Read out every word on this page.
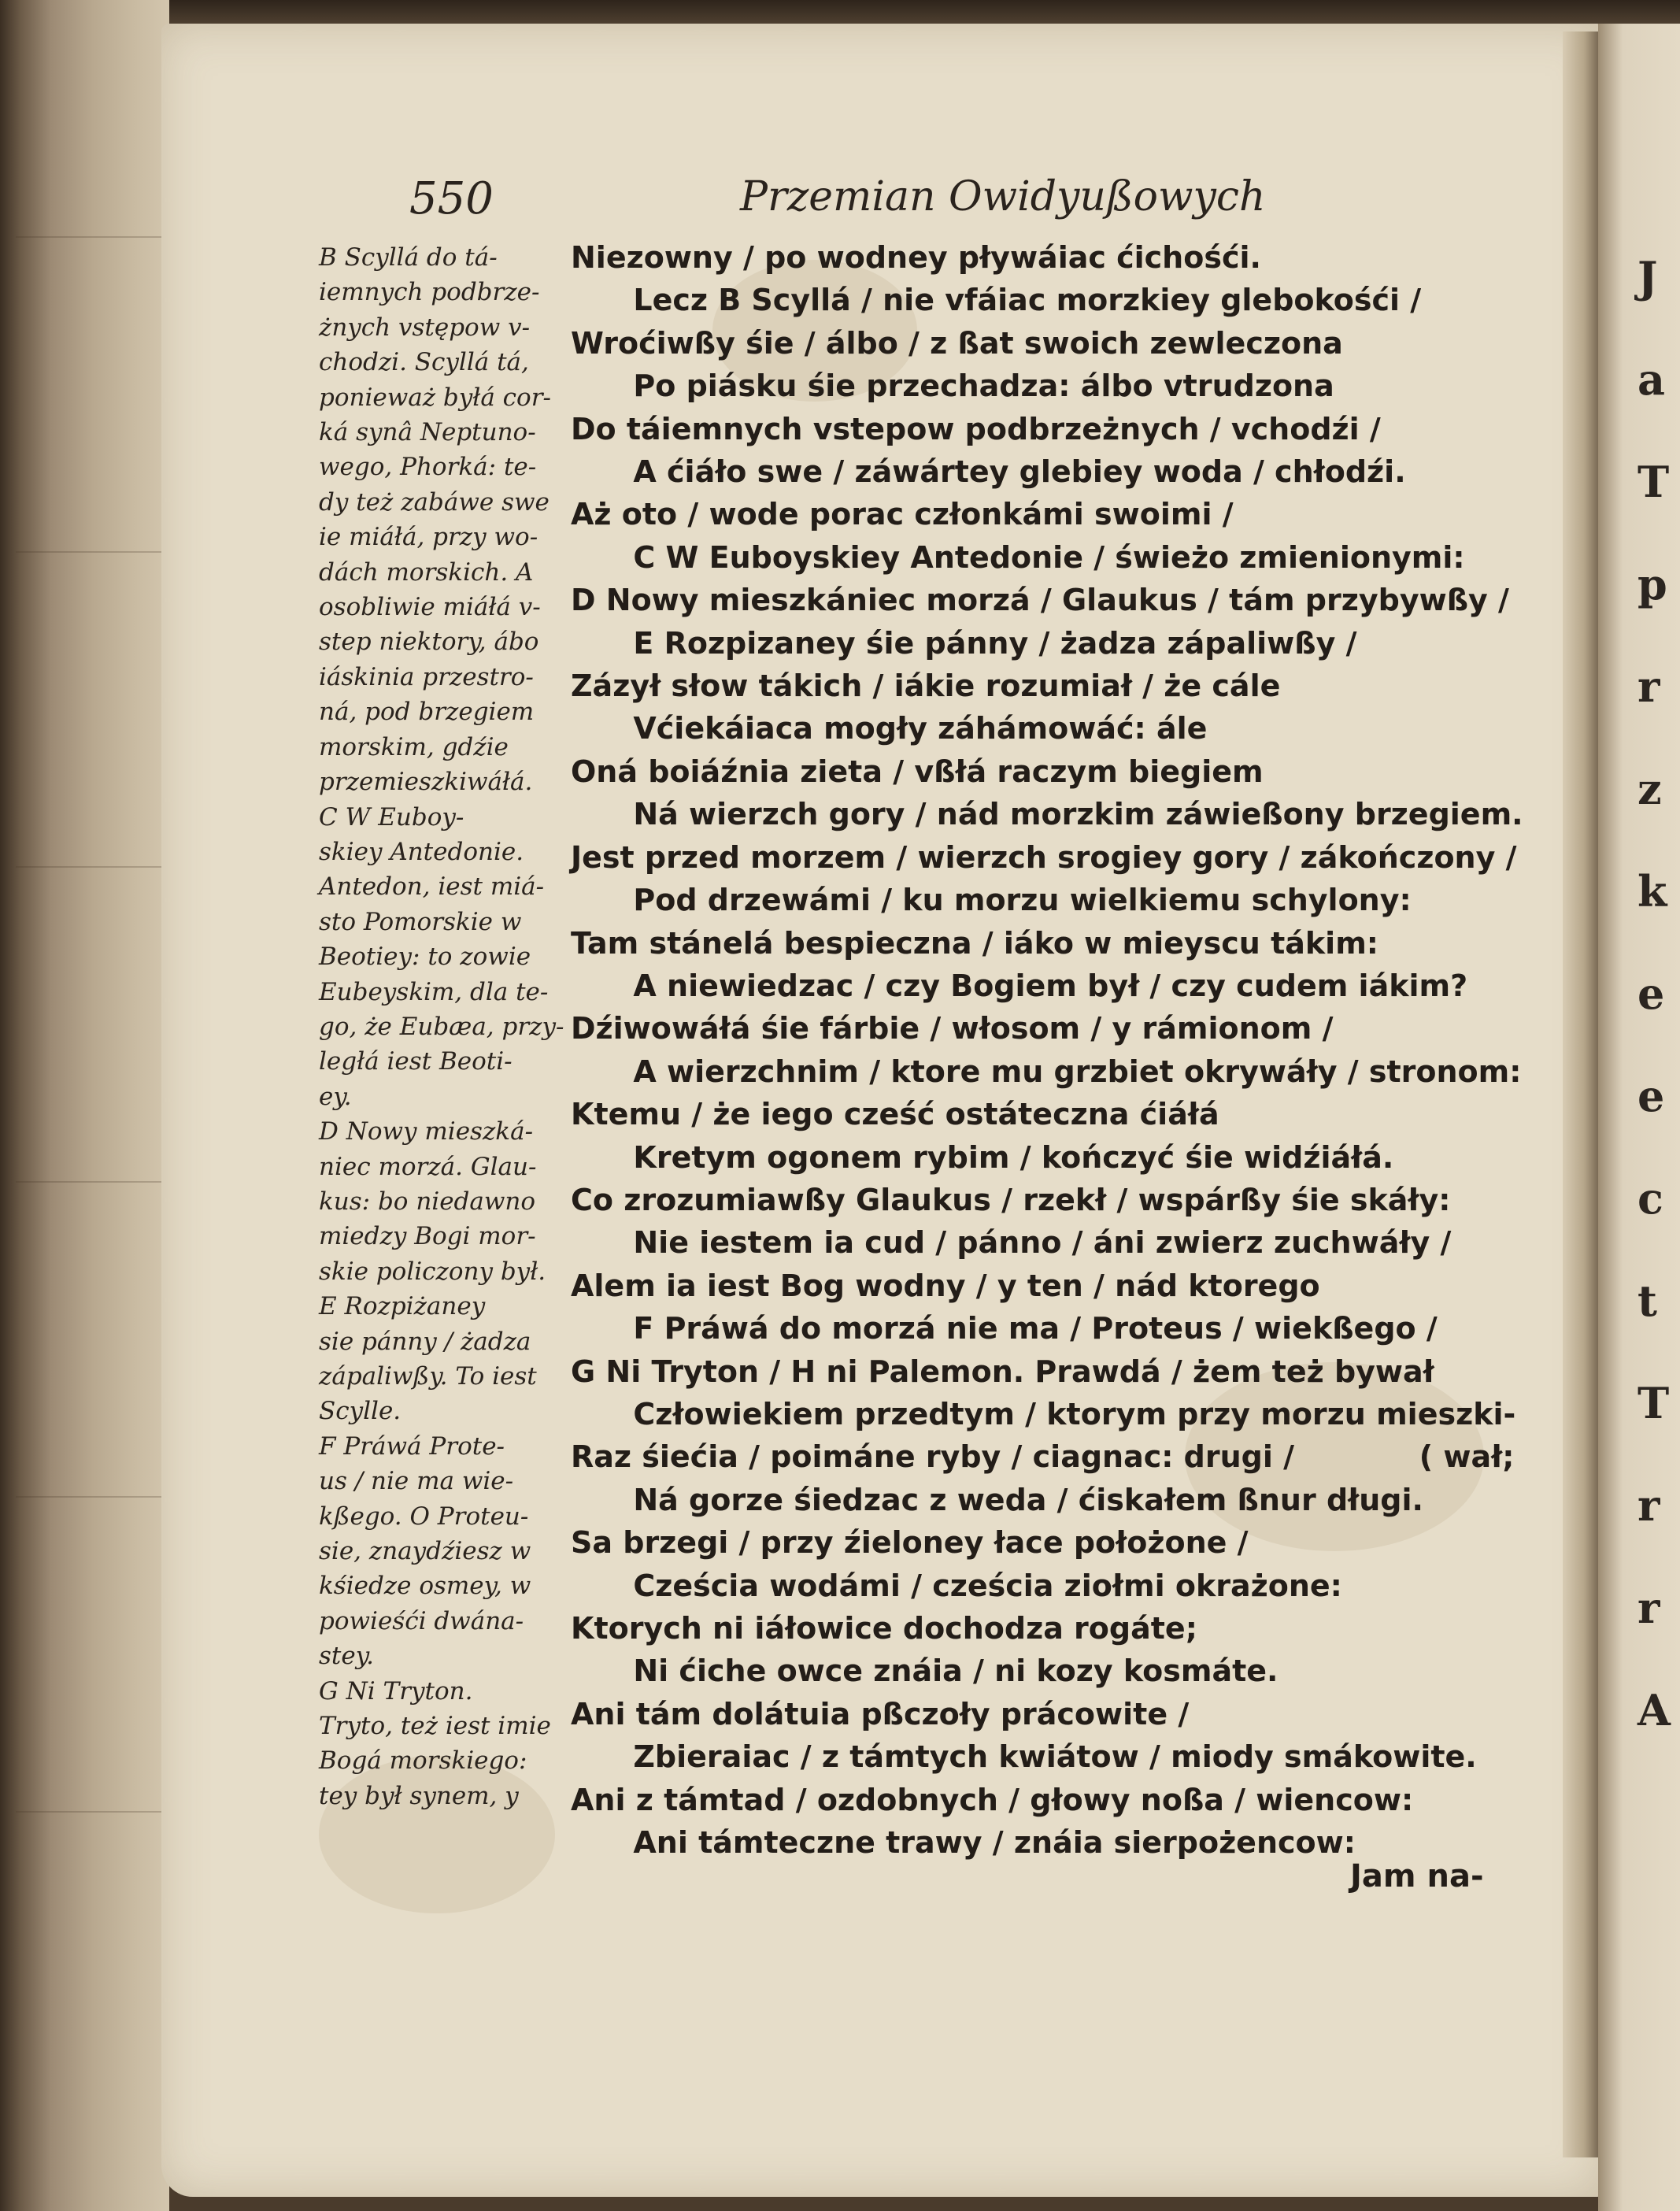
550	Przemian Owidyußowych
B Scyllá do tá‐
iemnych podbrze‐
żnych vstępow v‐
chodzi. Scyllá tá,
ponieważ byłá cor‐
ká synâ Neptuno‐
wego, Phorká: te‐
dy też zabáwe swe
ie miáłá, przy wo‐
dách morskich. A
osobliwie miáłá v‐
step niektory, ábo
iáskinia przestro‐
ná, pod brzegiem
morskim, gdźie
przemieszkiwáłá.
C W Euboy‐
skiey Antedonie.
Antedon, iest miá‐
sto Pomorskie w
Beotiey: to zowie
Eubeyskim, dla te‐
go, że Eubæa, przy‐
ległá iest Beoti‐
ey.
D Nowy mieszká‐
niec morzá. Glau‐
kus: bo niedawno
miedzy Bogi mor‐
skie policzony był.
E Rozpiżaney
sie pánny / żadza
zápaliwßy. To iest
Scylle.
F Práwá Prote‐
us / nie ma wie‐
kßego. O Proteu‐
sie, znaydźiesz w
kśiedze osmey, w
powieśći dwána‐
stey.
G Ni Tryton.
Tryto, też iest imie
Bogá morskiego:
tey był synem, y
Niezowny / po wodney pływáiac ćichośći.
Lecz B Scyllá / nie vfáiac morzkiey glebokośći /
Wroćiwßy śie / álbo / z ßat swoich zewleczona
Po piásku śie przechadza: álbo vtrudzona
Do táiemnych vstepow podbrzeżnych / vchodźi /
A ćiáło swe / záwártey glebiey woda / chłodźi.
Aż oto / wode porac członkámi swoimi /
C W Euboyskiey Antedonie / świeżo zmienionymi:
D Nowy mieszkániec morzá / Glaukus / tám przybywßy /
E Rozpizaney śie pánny / żadza zápaliwßy /
Zázył słow tákich / iákie rozumiał / że cále
Vćiekáiaca mogły záhámowáć: ále
Oná boiáźnia zieta / vßłá raczym biegiem
Ná wierzch gory / nád morzkim záwießony brzegiem.
Jest przed morzem / wierzch srogiey gory / zákończony /
Pod drzewámi / ku morzu wielkiemu schylony:
Tam stánelá bespieczna / iáko w mieyscu tákim:
A niewiedzac / czy Bogiem był / czy cudem iákim?
Dźiwowáłá śie fárbie / włosom / y rámionom /
A wierzchnim / ktore mu grzbiet okrywáły / stronom:
Ktemu / że iego cześć ostáteczna ćiáłá
Kretym ogonem rybim / kończyć śie widźiáłá.
Co zrozumiawßy Glaukus / rzekł / wspárßy śie skáły:
Nie iestem ia cud / pánno / áni zwierz zuchwáły /
Alem ia iest Bog wodny / y ten / nád ktorego
F Práwá do morzá nie ma / Proteus / wiekßego /
G Ni Tryton / H ni Palemon. Prawdá / żem też bywał
Człowiekiem przedtym / ktorym przy morzu mieszki‐
Raz śiećia / poimáne ryby / ciagnac: drugi /            ( wał;
Ná gorze śiedzac z weda / ćiskałem ßnur długi.
Sa brzegi / przy źieloney łace położone /
Cześcia wodámi / cześcia ziołmi okrażone:
Ktorych ni iáłowice dochodza rogáte;
Ni ćiche owce znáia / ni kozy kosmáte.
Ani tám dolátuia pßczoły prácowite /
Zbieraiac / z támtych kwiátow / miody smákowite.
Ani z támtad / ozdobnych / głowy noßa / wiencow:
Ani támteczne trawy / znáia sierpożencow:
Jam na‐
J
a
T
p
r
z
k
e
e
c
t
T
r
r
A
